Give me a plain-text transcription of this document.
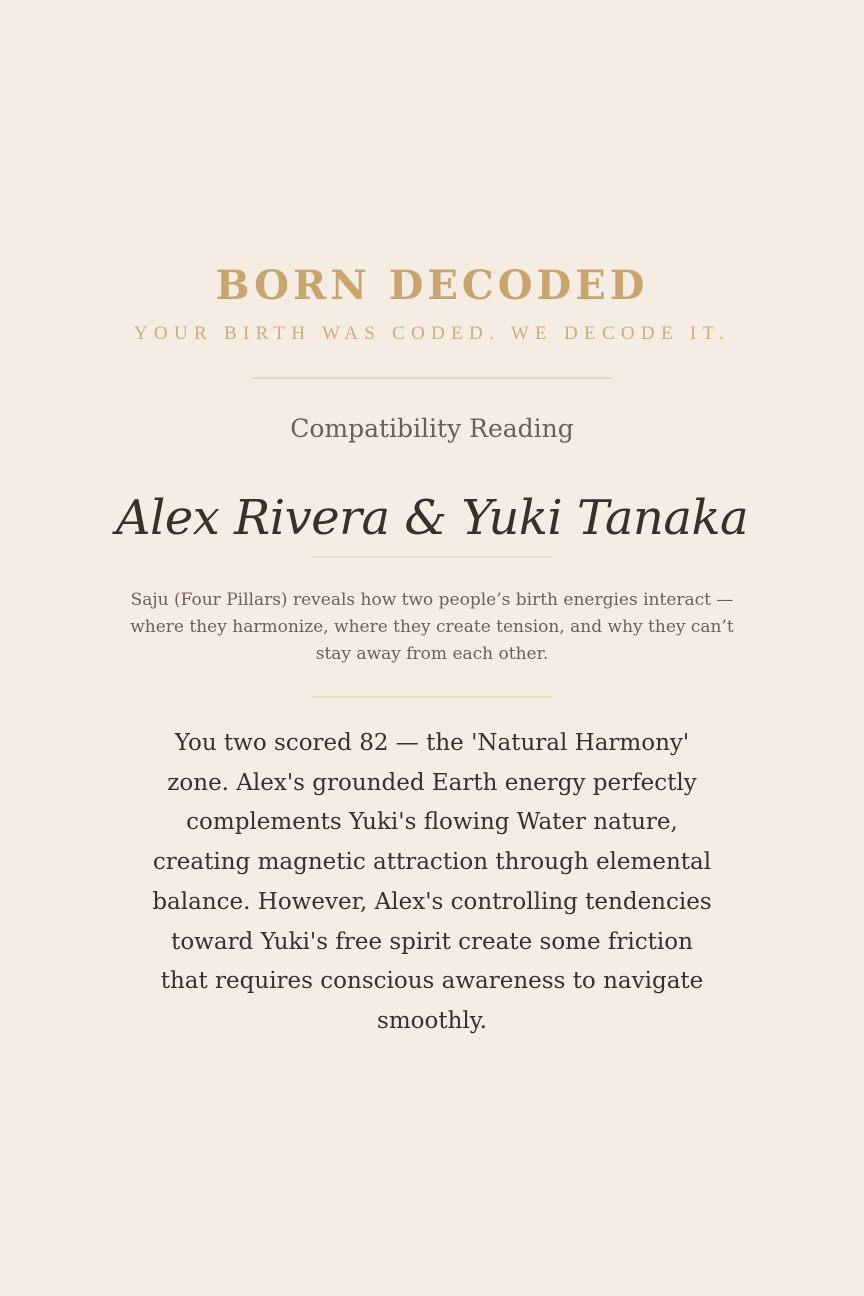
BORN DECODED
YOUR BIRTH WAS CODED. WE DECODE IT.
Compatibility Reading
Alex Rivera & Yuki Tanaka
Saju (Four Pillars) reveals how two people’s birth energies interact — where they harmonize, where they create tension, and why they can’t stay away from each other.
You two scored 82 — the 'Natural Harmony' zone. Alex's grounded Earth energy perfectly complements Yuki's flowing Water nature, creating magnetic attraction through elemental balance. However, Alex's controlling tendencies toward Yuki's free spirit create some friction that requires conscious awareness to navigate smoothly.
